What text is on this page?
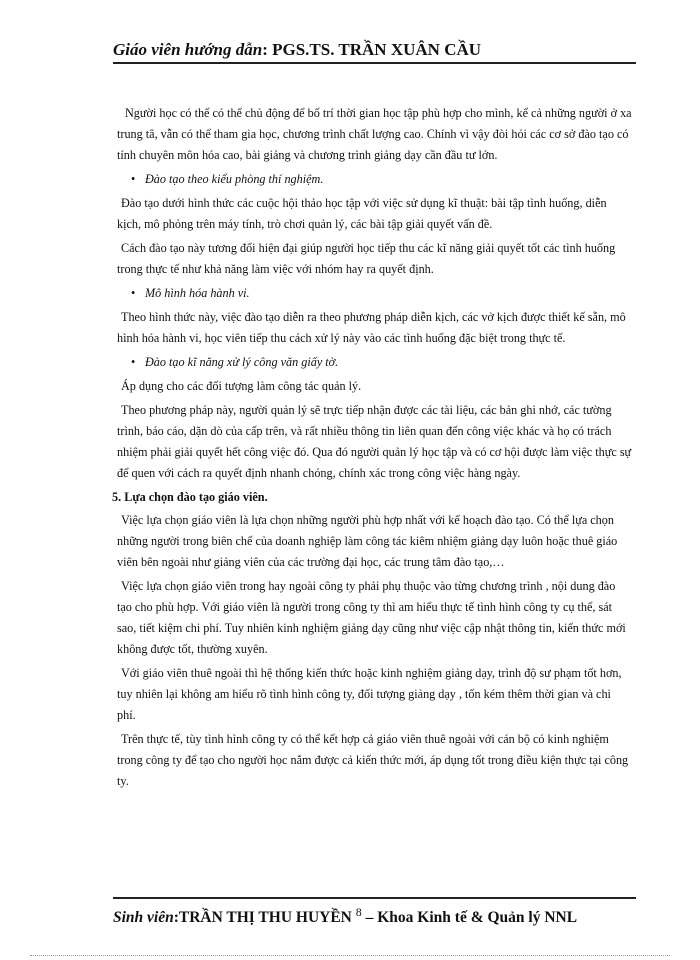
Giáo viên hướng dẫn: PGS.TS. TRẦN XUÂN CẦU

Người học có thể có thể chủ động để bố trí thời gian học tập phù hợp cho mình, kể cả những người ở xa trung tâ, vẫn có thể tham gia học, chương trình chất lượng cao. Chính vì vậy đòi hỏi các cơ sở đào tạo có tính chuyên môn hóa cao, bài giảng và chương trình giảng dạy cần đầu tư lớn.

• Đào tạo theo kiểu phòng thí nghiệm.

Đào tạo dưới hình thức các cuộc hội thảo học tập với việc sử dụng kĩ thuật: bài tập tình huống, diễn kịch, mô phỏng trên máy tính, trò chơi quản lý, các bài tập giải quyết vấn đề.

Cách đào tạo này tương đối hiện đại giúp người học tiếp thu các kĩ năng giải quyết tốt các tình huống trong thực tế như khả năng làm việc với nhóm hay ra quyết định.

• Mô hình hóa hành vi.

Theo hình thức này, việc đào tạo diễn ra theo phương pháp diễn kịch, các vở kịch được thiết kế sẵn, mô hình hóa hành vi, học viên tiếp thu cách xử lý này vào các tình huống đặc biệt trong thực tế.

• Đào tạo kĩ năng xử lý công văn giấy tờ.

Áp dụng cho các đối tượng làm công tác quản lý.

Theo phương pháp này, người quản lý sẽ trực tiếp nhận được các tài liệu, các bản ghi nhớ, các tường trình, báo cáo, dặn dò của cấp trên, và rất nhiều thông tin liên quan đến công việc khác và họ có trách nhiệm phải giải quyết hết công việc đó. Qua đó người quản lý học tập và có cơ hội được làm việc thực sự để quen với cách ra quyết định nhanh chóng, chính xác trong công việc hàng ngày.

5. Lựa chọn đào tạo giáo viên.

Việc lựa chọn giáo viên là lựa chọn những người phù hợp nhất với kế hoạch đào tạo. Có thể lựa chọn những người trong biên chế của doanh nghiệp làm công tác kiêm nhiệm giảng dạy luôn hoặc thuê giáo viên bên ngoài như giảng viên của các trường đại học, các trung tâm đào tạo,…

Việc lựa chọn giáo viên trong hay ngoài công ty phải phụ thuộc vào từng chương trình , nội dung đào tạo cho phù hợp. Với giáo viên là người trong công ty thì am hiểu thực tế tình hình công ty cụ thể, sát sao, tiết kiệm chi phí. Tuy nhiên kinh nghiệm giảng dạy cũng như việc cập nhật thông tin, kiến thức mới không được tốt, thường xuyên.

Với giáo viên thuê ngoài thì hệ thống kiến thức hoặc kinh nghiệm giảng dạy, trình độ sư phạm tốt hơn, tuy nhiên lại không am hiểu rõ tình hình công ty, đối tượng giảng dạy , tốn kém thêm thời gian và chi phí.

Trên thực tế, tùy tình hình công ty có thể kết hợp cả giáo viên thuê ngoài với cán bộ có kinh nghiệm trong công ty để tạo cho người học nắm được cả kiến thức mới, áp dụng tốt trong điều kiện thực tại công ty.

Sinh viên:TRẦN THỊ THU HUYỀN $^8$ – Khoa Kinh tế & Quản lý NNL
